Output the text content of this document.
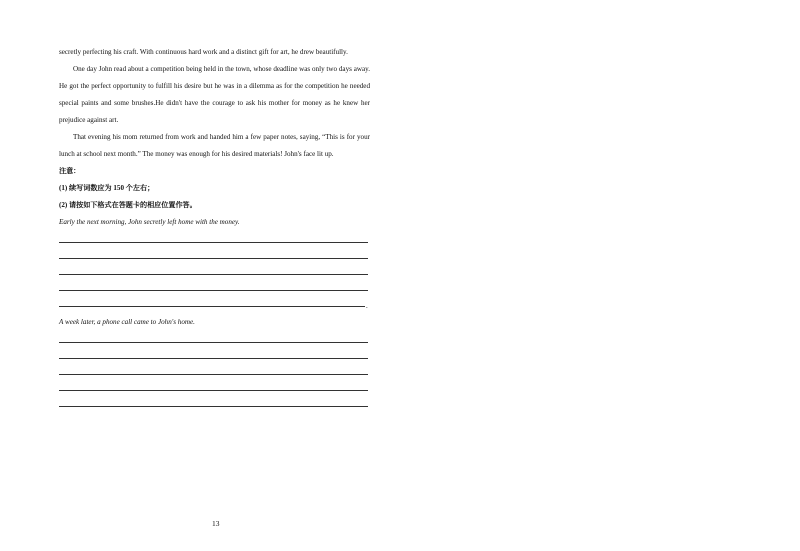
secretly perfecting his craft. With continuous hard work and a distinct gift for art, he drew beautifully.

One day John read about a competition being held in the town, whose deadline was only two days away. He got the perfect opportunity to fulfill his desire but he was in a dilemma as for the competition he needed special paints and some brushes.He didn't have the courage to ask his mother for money as he knew her prejudice against art.

That evening his mom returned from work and handed him a few paper notes, saying, “This is for your lunch at school next month.” The money was enough for his desired materials! John's face lit up.

注意：

(1) 续写词数应为 150 个左右；

(2) 请按如下格式在答题卡的相应位置作答。

Early the next morning, John secretly left home with the money.

.

A week later, a phone call came to John's home.

13
